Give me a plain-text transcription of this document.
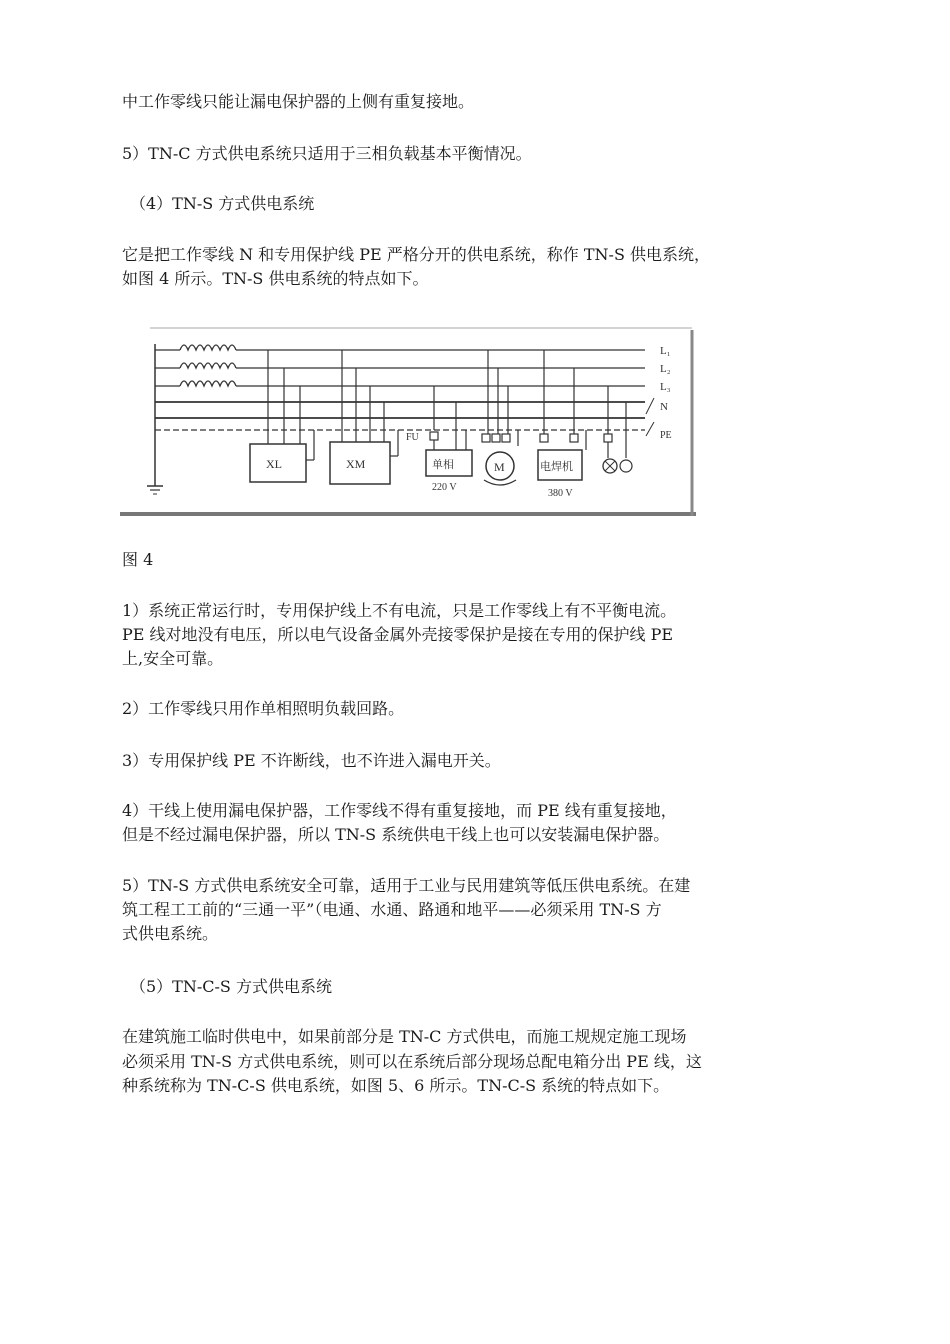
中工作零线只能让漏电保护器的上侧有重复接地。

5）TN-C 方式供电系统只适用于三相负载基本平衡情况。

（4）TN-S 方式供电系统

它是把工作零线 N 和专用保护线 PE 严格分开的供电系统，称作 TN-S 供电系统，

如图 4 所示。TN-S 供电系统的特点如下。

L₁
L₂
L₃
N
PE
XL	XM
FU
单相
220 V
M	电焊机
380 V

图 4

1）系统正常运行时，专用保护线上不有电流，只是工作零线上有不平衡电流。

PE 线对地没有电压，所以电气设备金属外壳接零保护是接在专用的保护线 PE

上,安全可靠。

2）工作零线只用作单相照明负载回路。

3）专用保护线 PE 不许断线，也不许进入漏电开关。

4）干线上使用漏电保护器，工作零线不得有重复接地，而 PE 线有重复接地，

但是不经过漏电保护器，所以 TN-S 系统供电干线上也可以安装漏电保护器。

5）TN-S 方式供电系统安全可靠，适用于工业与民用建筑等低压供电系统。在建

筑工程工工前的“三通一平”（电通、水通、路通和地平——必须采用 TN-S 方

式供电系统。

（5）TN-C-S 方式供电系统

在建筑施工临时供电中，如果前部分是 TN-C 方式供电，而施工规规定施工现场

必须采用 TN-S 方式供电系统，则可以在系统后部分现场总配电箱分出 PE 线，这

种系统称为 TN-C-S 供电系统，如图 5、6 所示。TN-C-S 系统的特点如下。
